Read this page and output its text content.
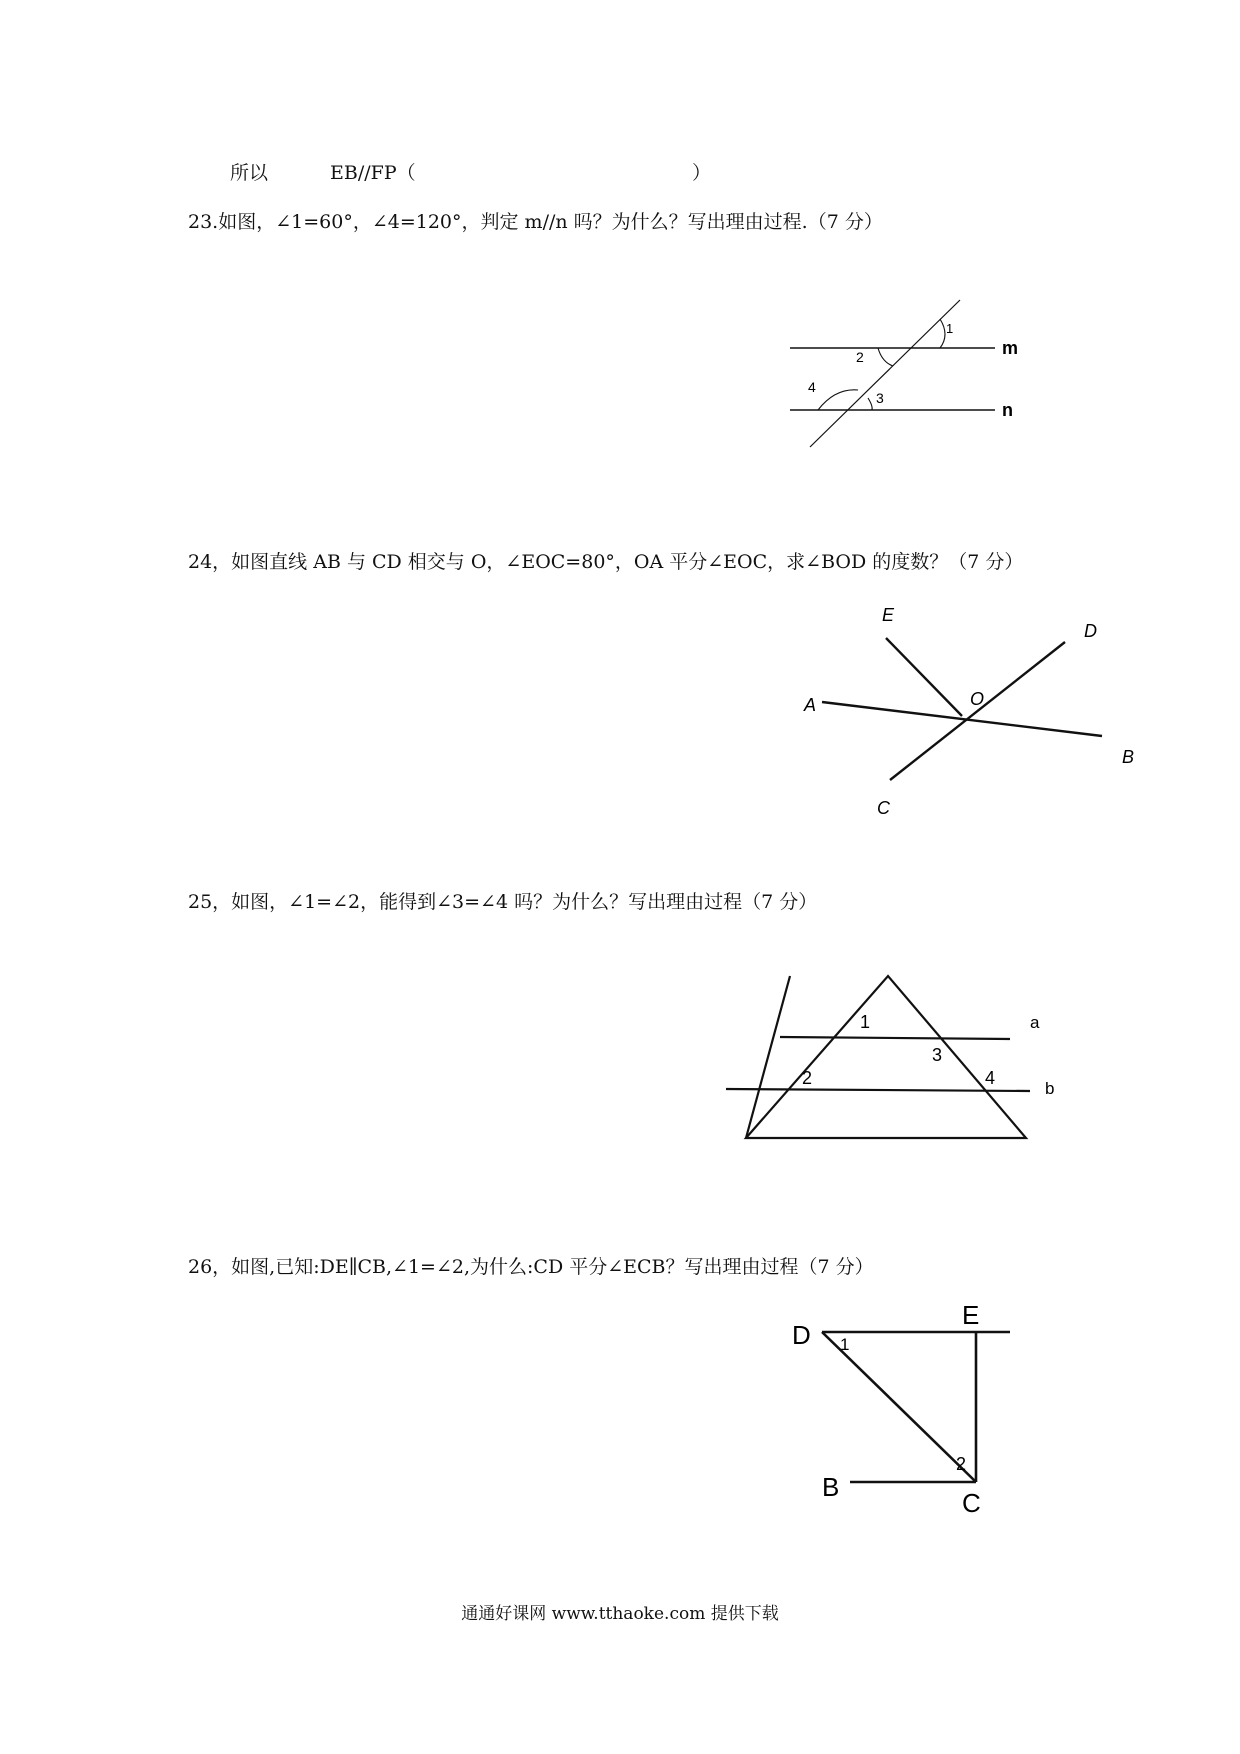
所以	EB//FP（	）
23.如图，∠1=60°，∠4=120°，判定 m//n 吗？为什么？写出理由过程.（7 分）
1
2
3
4
m
n
24，如图直线 AB 与 CD 相交与 O，∠EOC=80°，OA 平分∠EOC，求∠BOD 的度数？（7 分）
E
D
O
A
B
C
25，如图，∠1=∠2，能得到∠3=∠4 吗？为什么？写出理由过程（7 分）
1
2
3
4
a
b
26，如图,已知:DE∥CB,∠1=∠2,为什么:CD 平分∠ECB？写出理由过程（7 分）
D
E
1
2
B
C
通通好课网 www.tthaoke.com 提供下载
